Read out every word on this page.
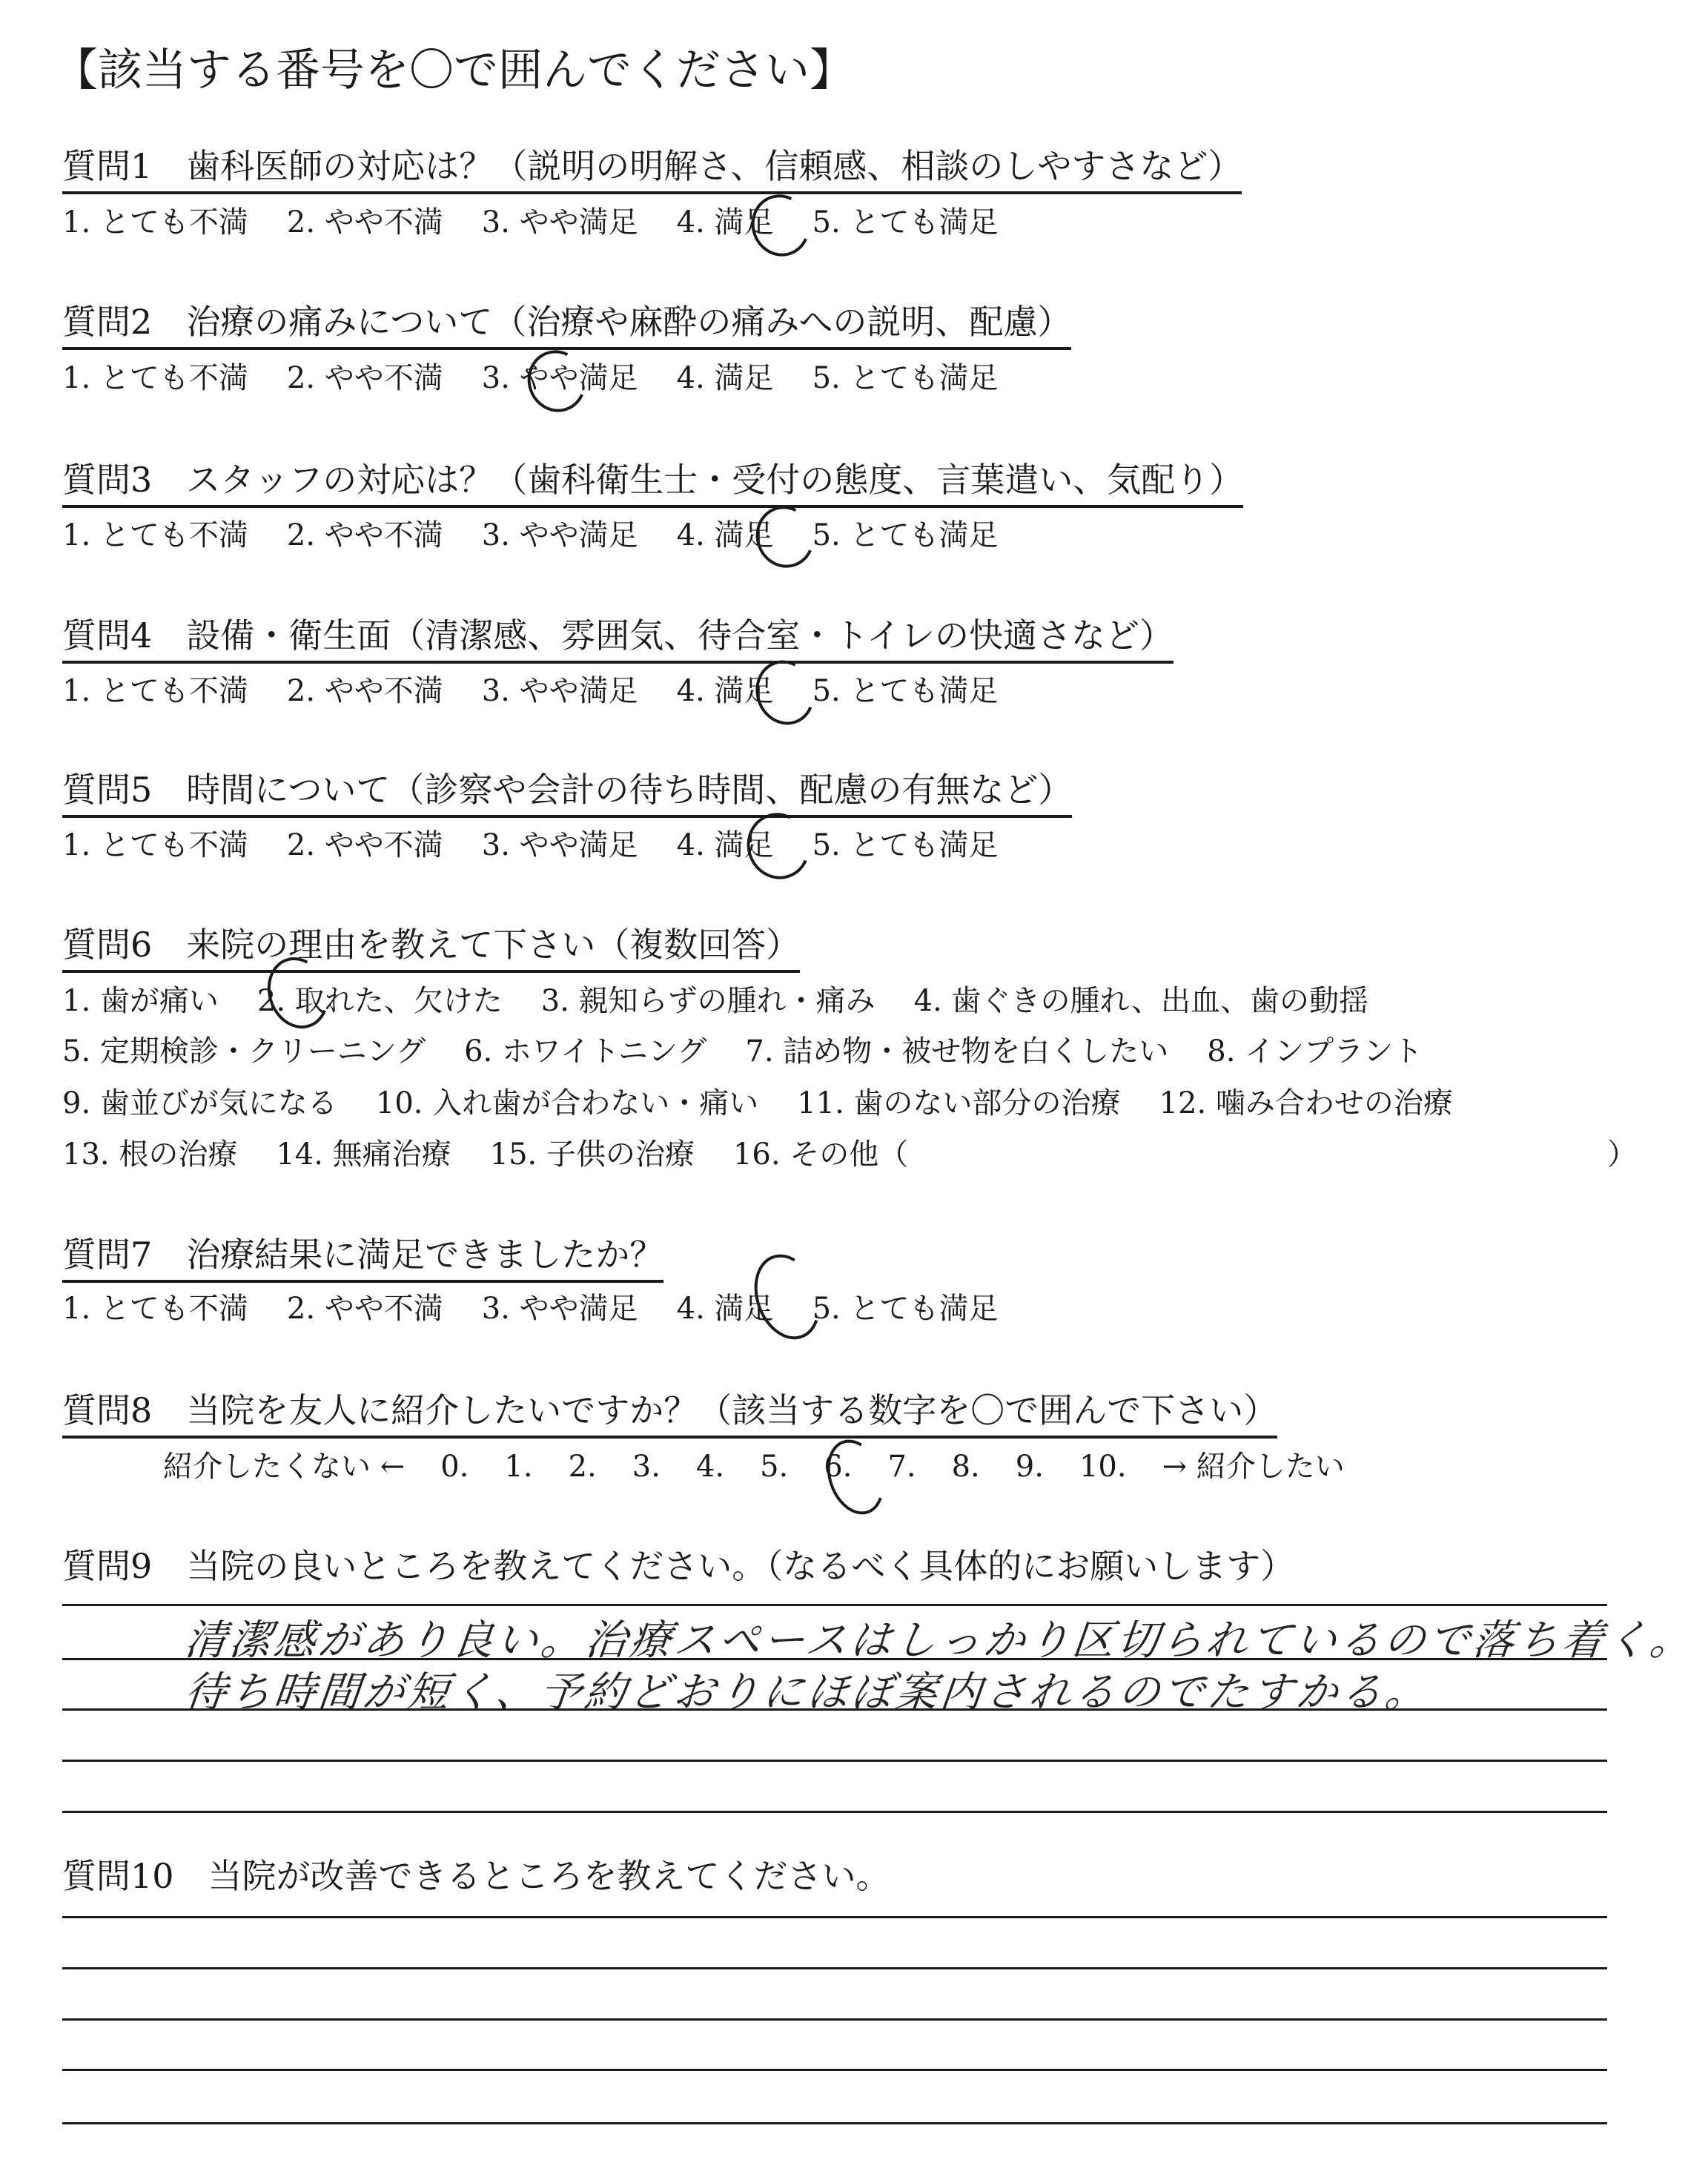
【該当する番号を〇で囲んでください】
質問1　歯科医師の対応は？（説明の明解さ、信頼感、相談のしやすさなど）
1. とても不満 2. やや不満 3. やや満足 4. 満足 5. とても満足
質問2　治療の痛みについて（治療や麻酔の痛みへの説明、配慮）
1. とても不満 2. やや不満 3. やや満足 4. 満足 5. とても満足
質問3　スタッフの対応は？（歯科衛生士・受付の態度、言葉遣い、気配り）
1. とても不満 2. やや不満 3. やや満足 4. 満足 5. とても満足
質問4　設備・衛生面（清潔感、雰囲気、待合室・トイレの快適さなど）
1. とても不満 2. やや不満 3. やや満足 4. 満足 5. とても満足
質問5　時間について（診察や会計の待ち時間、配慮の有無など）
1. とても不満 2. やや不満 3. やや満足 4. 満足 5. とても満足
質問6　来院の理由を教えて下さい（複数回答）
1. 歯が痛い 2. 取れた、欠けた 3. 親知らずの腫れ・痛み 4. 歯ぐきの腫れ、出血、歯の動揺
5. 定期検診・クリーニング 6. ホワイトニング 7. 詰め物・被せ物を白くしたい 8. インプラント
9. 歯並びが気になる 10. 入れ歯が合わない・痛い 11. 歯のない部分の治療 12. 噛み合わせの治療
13. 根の治療 14. 無痛治療 15. 子供の治療 16. その他（	）
質問7　治療結果に満足できましたか？
1. とても不満 2. やや不満 3. やや満足 4. 満足 5. とても満足
質問8　当院を友人に紹介したいですか？（該当する数字を〇で囲んで下さい）
紹介したくない ← 0. 1. 2. 3. 4. 5. 6. 7. 8. 9. 10. → 紹介したい
質問9　当院の良いところを教えてください。（なるべく具体的にお願いします）
清潔感があり良い。治療スペースはしっかり区切られているので落ち着く。
待ち時間が短く、予約どおりにほぼ案内されるのでたすかる。
質問10　当院が改善できるところを教えてください。
